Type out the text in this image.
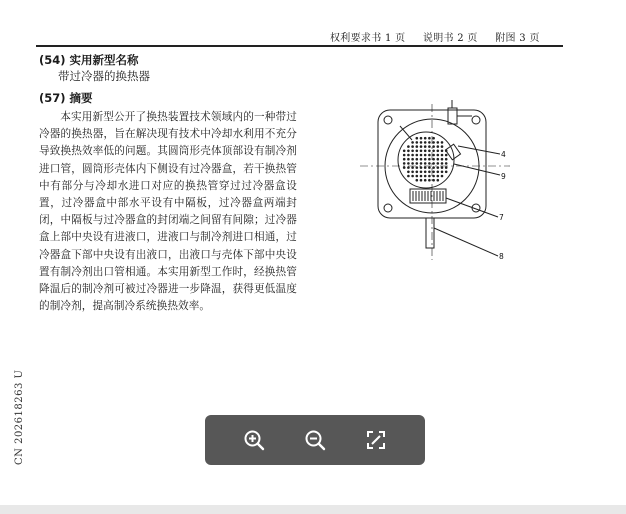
权利要求书 1 页 说明书 2 页 附图 3 页
(54) 实用新型名称
带过冷器的换热器
(57) 摘要

本实用新型公开了换热装置技术领域内的一种带过冷器的换热器，旨在解决现有技术中冷却水利用不充分导致换热效率低的问题。其圆筒形壳体顶部设有制冷剂进口管，圆筒形壳体内下侧设有过冷器盒，若干换热管中有部分与冷却水进口对应的换热管穿过过冷器盒设置，过冷器盒中部水平设有中隔板，过冷器盒两端封闭，中隔板与过冷器盒的封闭端之间留有间隙；过冷器盒上部中央设有进液口，进液口与制冷剂进口相通，过冷器盒下部中央设有出液口，出液口与壳体下部中央设置有制冷剂出口管相通。本实用新型工作时，经换热管降温后的制冷剂可被过冷器进一步降温，获得更低温度的制冷剂，提高制冷系统换热效率。

CN 202618263 U
4
9
7
8
